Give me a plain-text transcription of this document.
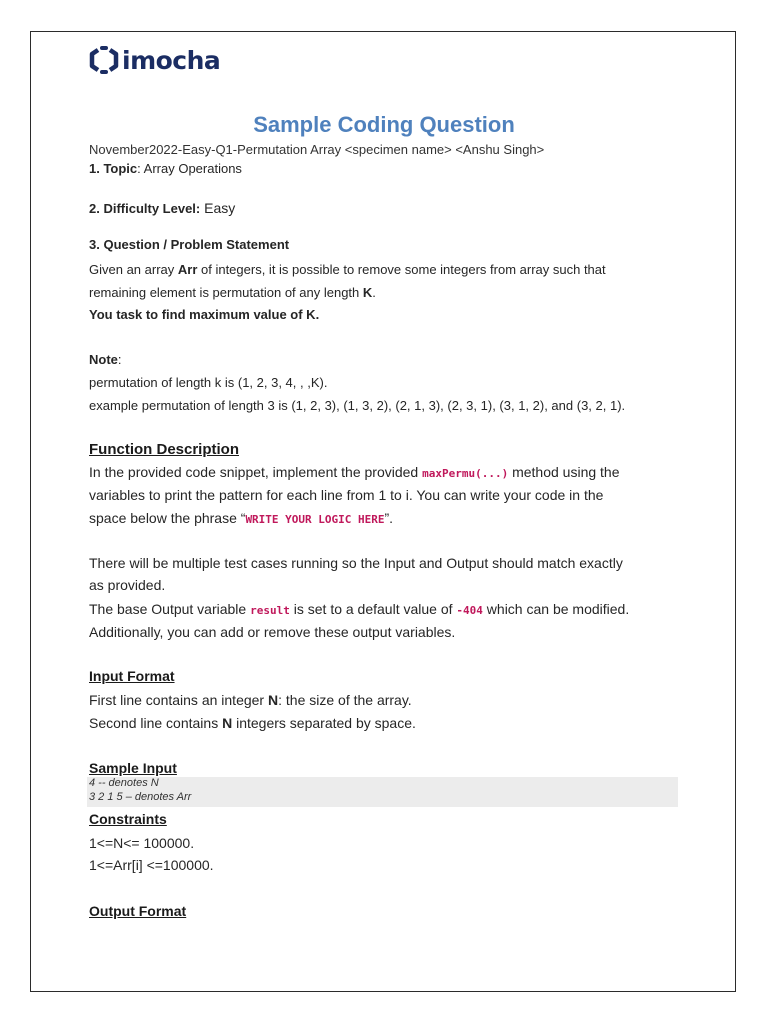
imocha
Sample Coding Question
November2022-Easy-Q1-Permutation Array <specimen name> <Anshu Singh>
1. Topic: Array Operations
2. Difficulty Level: Easy
3. Question / Problem Statement
Given an array Arr of integers, it is possible to remove some integers from array such that
remaining element is permutation of any length K.
You task to find maximum value of K.
Note:
permutation of length k is (1, 2, 3, 4, , ,K).
example permutation of length 3 is (1, 2, 3), (1, 3, 2), (2, 1, 3), (2, 3, 1), (3, 1, 2), and (3, 2, 1).
Function Description
In the provided code snippet, implement the provided maxPermu(...) method using the
variables to print the pattern for each line from 1 to i. You can write your code in the
space below the phrase “WRITE YOUR LOGIC HERE”.
There will be multiple test cases running so the Input and Output should match exactly
as provided.
The base Output variable result is set to a default value of -404 which can be modified.
Additionally, you can add or remove these output variables.
Input Format
First line contains an integer N: the size of the array.
Second line contains N integers separated by space.
Sample Input
4 -- denotes N
3 2 1 5 – denotes Arr
Constraints
1<=N<= 100000.
1<=Arr[i] <=100000.
Output Format
